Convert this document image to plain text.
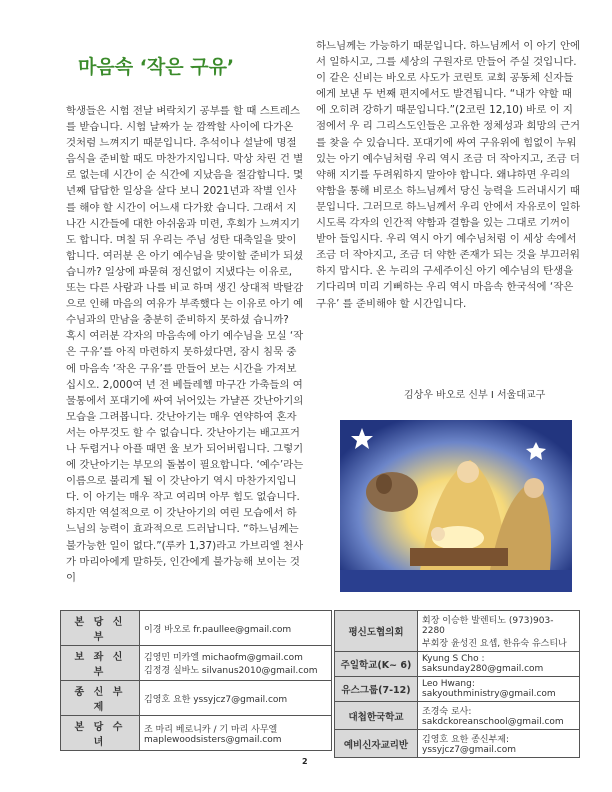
마음속 ‘작은 구유’

학생들은 시험 전날 벼락치기 공부를 할 때 스트레스를 받습니다. 시험 날짜가 눈 깜짝할 사이에 다가온 것처럼 느껴지기 때문입니다. 추석이나 설날에 명절 음식을 준비할 때도 마찬가지입니다. 막상 차린 건 별로 없는데 시간이 순 식간에 지났음을 절감합니다. 몇 년째 답답한 일상을 살다 보니 2021년과 작별 인사를 해야 할 시간이 어느새 다가왔 습니다. 그래서 지나간 시간들에 대한 아쉬움과 미련, 후회가 느껴지기도 합니다. 며칠 뒤 우리는 주님 성탄 대축일을 맞이합니다. 여러분 은 아기 예수님을 맞이할 준비가 되셨습니까? 일상에 파묻혀 정신없이 지냈다는 이유로, 또는 다른 사람과 나를 비교 하며 생긴 상대적 박탈감으로 인해 마음의 여유가 부족했다 는 이유로 아기 예수님과의 만남을 충분히 준비하지 못하셨 습니까?

혹시 여러분 각자의 마음속에 아기 예수님을 모실 ‘작은 구유’를 아직 마련하지 못하셨다면, 잠시 침묵 중에 마음속 ‘작은 구유’를 만들어 보는 시간을 가져보십시오. 2,000여 년 전 베들레헴 마구간 가축들의 여물통에서 포대기에 싸여 뉘어있는 가냘픈 갓난아기의 모습을 그려봅니다. 갓난아기는 매우 연약하여 혼자서는 아무것도 할 수 없습니다. 갓난아기는 배고프거나 두렵거나 아플 때면 울 보가 되어버립니다. 그렇기에 갓난아기는 부모의 돌봄이 필요합니다. ‘예수’라는 이름으로 불리게 될 이 갓난아기 역시 마찬가지입니다. 이 아기는 매우 작고 여리며 아무 힘도 없습니다. 하지만 역설적으로 이 갓난아기의 여린 모습에서 하느님의 능력이 효과적으로 드러납니다. “하느님께는 불가능한 일이 없다.”(루카 1,37)라고 가브리엘 천사가 마리아에게 말하듯, 인간에게 불가능해 보이는 것이

하느님께는 가능하기 때문입니다. 하느님께서 이 아기 안에서 일하시고, 그를 세상의 구원자로 만들어 주실 것입니다. 이 같은 신비는 바오로 사도가 코린토 교회 공동체 신자들에게 보낸 두 번째 편지에서도 발견됩니다. “내가 약할 때에 오히려 강하기 때문입니다.”(2코린 12,10) 바로 이 지점에서 우 리 그리스도인들은 고유한 정체성과 희망의 근거를 찾을 수 있습니다. 포대기에 싸여 구유위에 힘없이 누워있는 아기 예수님처럼 우리 역시 조금 더 작아지고, 조금 더 약해 지기를 두려워하지 말아야 합니다. 왜냐하면 우리의 약함을 통해 비로소 하느님께서 당신 능력을 드러내시기 때문입니다. 그러므로 하느님께서 우리 안에서 자유로이 일하시도록 각자의 인간적 약함과 결함을 있는 그대로 기꺼이 받아 들입시다. 우리 역시 아기 예수님처럼 이 세상 속에서 조금 더 작아지고, 조금 더 약한 존재가 되는 것을 부끄러워하지 맙시다. 온 누리의 구세주이신 아기 예수님의 탄생을 기다리며 미리 기뻐하는 우리 역시 마음속 한국석에 ‘작은 구유’ 를 준비해야 할 시간입니다.

김상우 바오로 신부 I 서울대교구
본 당 신 부	이경 바오로 fr.paullee@gmail.com

보 좌 신 부	김영민 미카엘 michaofm@gmail.com
김정경 실바노 silvanus2010@gmail.com

종 신 부 제	김영호 요한 yssyjcz7@gmail.com

본 당 수 녀	조 마리 베로니카 / 기 마리 사무엘
maplewoodsisters@gmail.com
평신도협의회	회장 이승한 발렌티노 (973)903-2280
부회장 윤성진 요셉, 한유숙 유스티나

주일학교(K~ 6)	Kyung S Cho : saksunday280@gmail.com

유스그룹(7-12)	Leo Hwang: sakyouthministry@gmail.com

대첩한국학교	조경숙 로사:
sakdckoreanschool@gmail.com

예비신자교리반	김영호 요한 종신부제:
yssyjcz7@gmail.com
2
